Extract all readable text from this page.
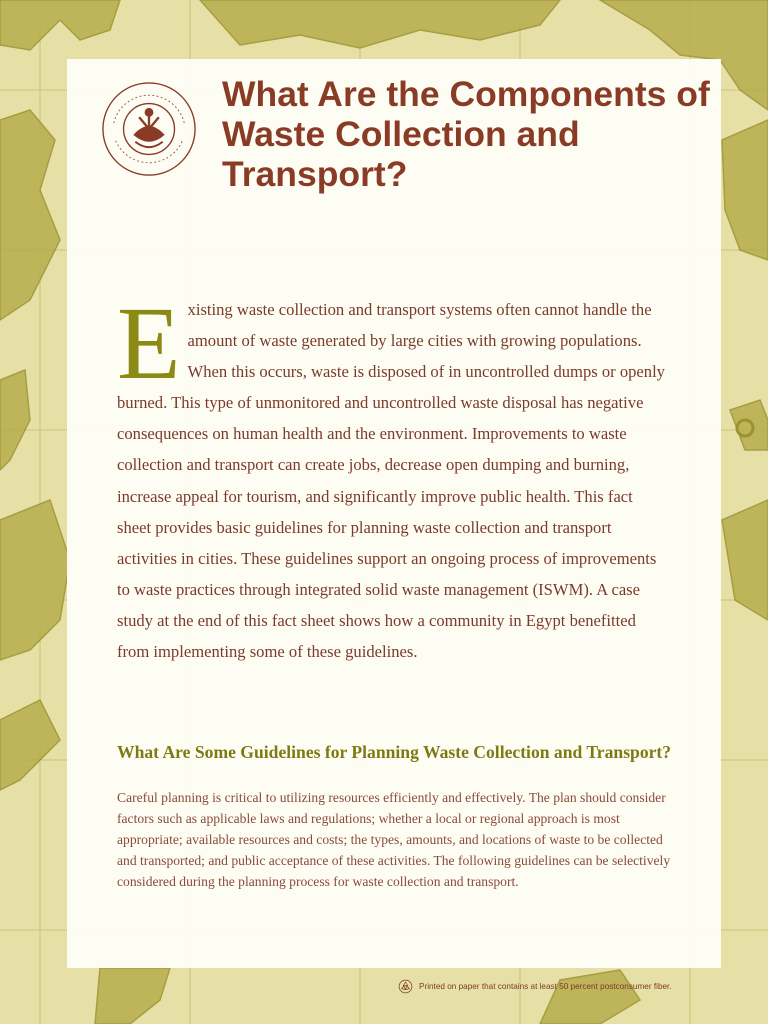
What Are the Components of Waste Collection and Transport?

Existing waste collection and transport systems often cannot handle the amount of waste generated by large cities with growing populations. When this occurs, waste is disposed of in uncontrolled dumps or openly burned. This type of unmonitored and uncontrolled waste disposal has negative consequences on human health and the environment. Improvements to waste collection and transport can create jobs, decrease open dumping and burning, increase appeal for tourism, and significantly improve public health. This fact sheet provides basic guidelines for planning waste collection and transport activities in cities. These guidelines support an ongoing process of improvements to waste practices through integrated solid waste management (ISWM). A case study at the end of this fact sheet shows how a community in Egypt benefitted from implementing some of these guidelines.

What Are Some Guidelines for Planning Waste Collection and Transport?

Careful planning is critical to utilizing resources efficiently and effectively. The plan should consider factors such as applicable laws and regulations; whether a local or regional approach is most appropriate; available resources and costs; the types, amounts, and locations of waste to be collected and transported; and public acceptance of these activities. The following guidelines can be selectively considered during the planning process for waste collection and transport.

Printed on paper that contains at least 50 percent postconsumer fiber.
